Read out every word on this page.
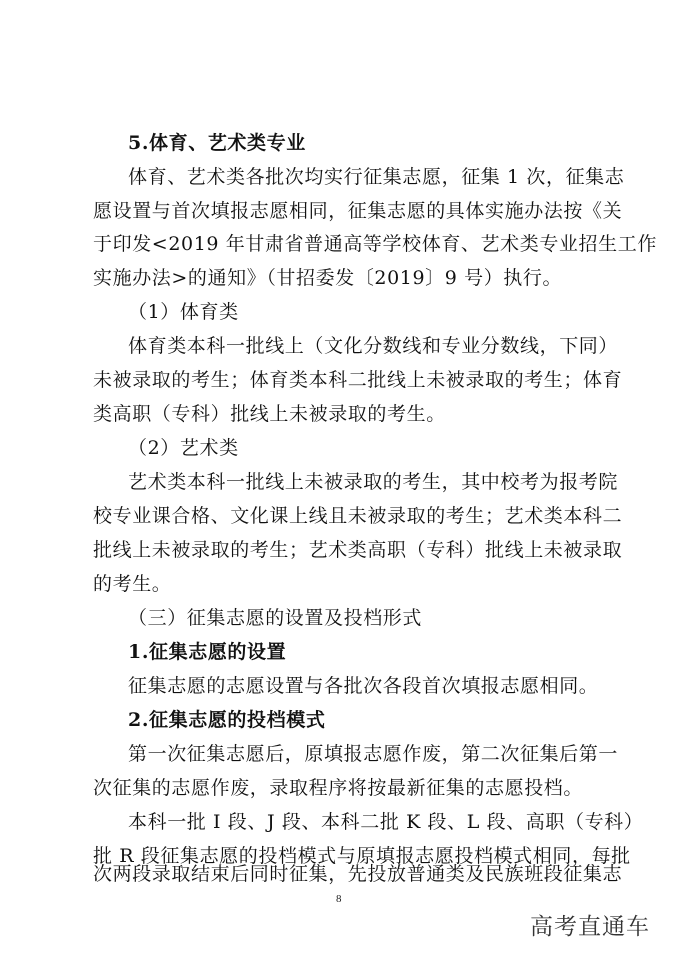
5.体育、艺术类专业
体育、艺术类各批次均实行征集志愿，征集 1 次，征集志
愿设置与首次填报志愿相同，征集志愿的具体实施办法按《关
于印发<2019 年甘肃省普通高等学校体育、艺术类专业招生工作
实施办法>的通知》（甘招委发〔2019〕9 号）执行。
（1）体育类
体育类本科一批线上（文化分数线和专业分数线，下同）
未被录取的考生；体育类本科二批线上未被录取的考生；体育
类高职（专科）批线上未被录取的考生。
（2）艺术类
艺术类本科一批线上未被录取的考生，其中校考为报考院
校专业课合格、文化课上线且未被录取的考生；艺术类本科二
批线上未被录取的考生；艺术类高职（专科）批线上未被录取
的考生。
（三）征集志愿的设置及投档形式
1.征集志愿的设置
征集志愿的志愿设置与各批次各段首次填报志愿相同。
2.征集志愿的投档模式
第一次征集志愿后，原填报志愿作废，第二次征集后第一
次征集的志愿作废，录取程序将按最新征集的志愿投档。
本科一批 I 段、J 段、本科二批 K 段、L 段、高职（专科）
批 R 段征集志愿的投档模式与原填报志愿投档模式相同，每批
次两段录取结束后同时征集，先投放普通类及民族班段征集志
8
高考直通车
